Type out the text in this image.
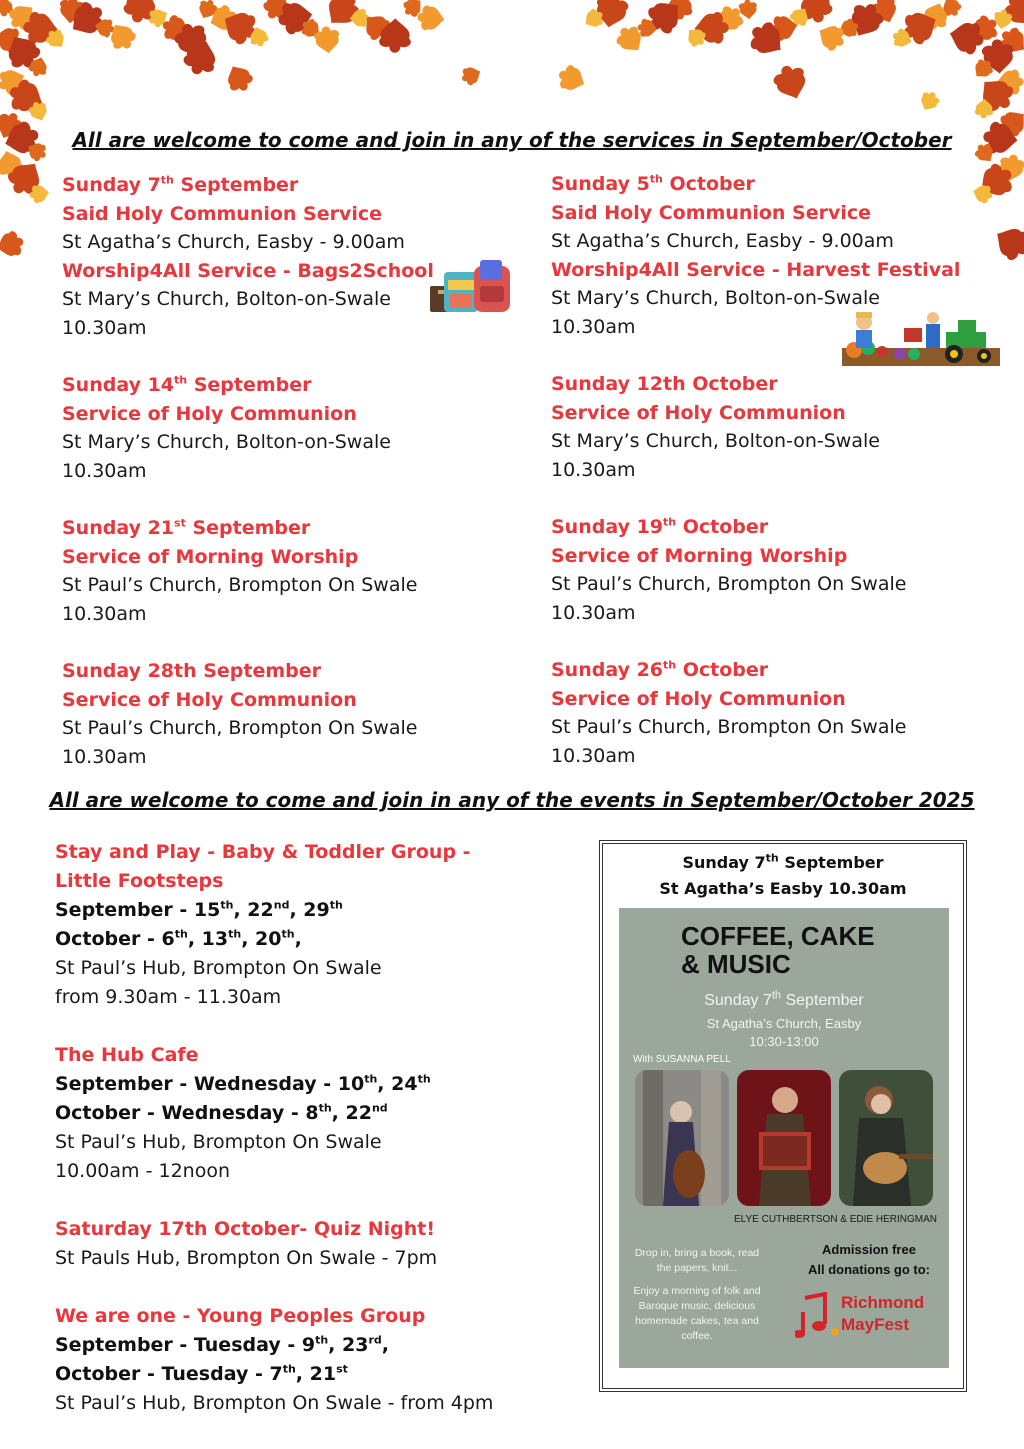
All are welcome to come and join in any of the services in September/October

Sunday 7th September

Said Holy Communion Service

St Agatha’s Church, Easby - 9.00am

Worship4All Service - Bags2School

St Mary’s Church, Bolton-on-Swale

10.30am

Sunday 14th September

Service of Holy Communion

St Mary’s Church, Bolton-on-Swale

10.30am

Sunday 21st September

Service of Morning Worship

St Paul’s Church, Brompton On Swale

10.30am

Sunday 28th September

Service of Holy Communion

St Paul’s Church, Brompton On Swale

10.30am

Sunday 5th October

Said Holy Communion Service

St Agatha’s Church, Easby - 9.00am

Worship4All Service - Harvest Festival

St Mary’s Church, Bolton-on-Swale

10.30am

Sunday 12th October

Service of Holy Communion

St Mary’s Church, Bolton-on-Swale

10.30am

Sunday 19th October

Service of Morning Worship

St Paul’s Church, Brompton On Swale

10.30am

Sunday 26th October

Service of Holy Communion

St Paul’s Church, Brompton On Swale

10.30am

All are welcome to come and join in any of the events in September/October 2025

Stay and Play - Baby & Toddler Group -

Little Footsteps

September - 15th, 22nd, 29th

October - 6th, 13th, 20th,

St Paul’s Hub, Brompton On Swale

from 9.30am - 11.30am

The Hub Cafe

September - Wednesday - 10th, 24th

October - Wednesday - 8th, 22nd

St Paul’s Hub, Brompton On Swale

10.00am - 12noon

Saturday 17th October- Quiz Night!

St Pauls Hub, Brompton On Swale - 7pm

We are one - Young Peoples Group

September - Tuesday - 9th, 23rd,

October - Tuesday - 7th, 21st

St Paul’s Hub, Brompton On Swale - from 4pm

Sunday 7th September
St Agatha’s Easby 10.30am
COFFEE, CAKE
& MUSIC
Sunday 7th September
St Agatha’s Church, Easby
10:30-13:00
With SUSANNA PELL
ELYE CUTHBERTSON & EDIE HERINGMAN

Drop in, bring a book, read the papers, knit...

Enjoy a morning of folk and Baroque music, delicious homemade cakes, tea and coffee.

Admission free
All donations go to:
Richmond
MayFest
